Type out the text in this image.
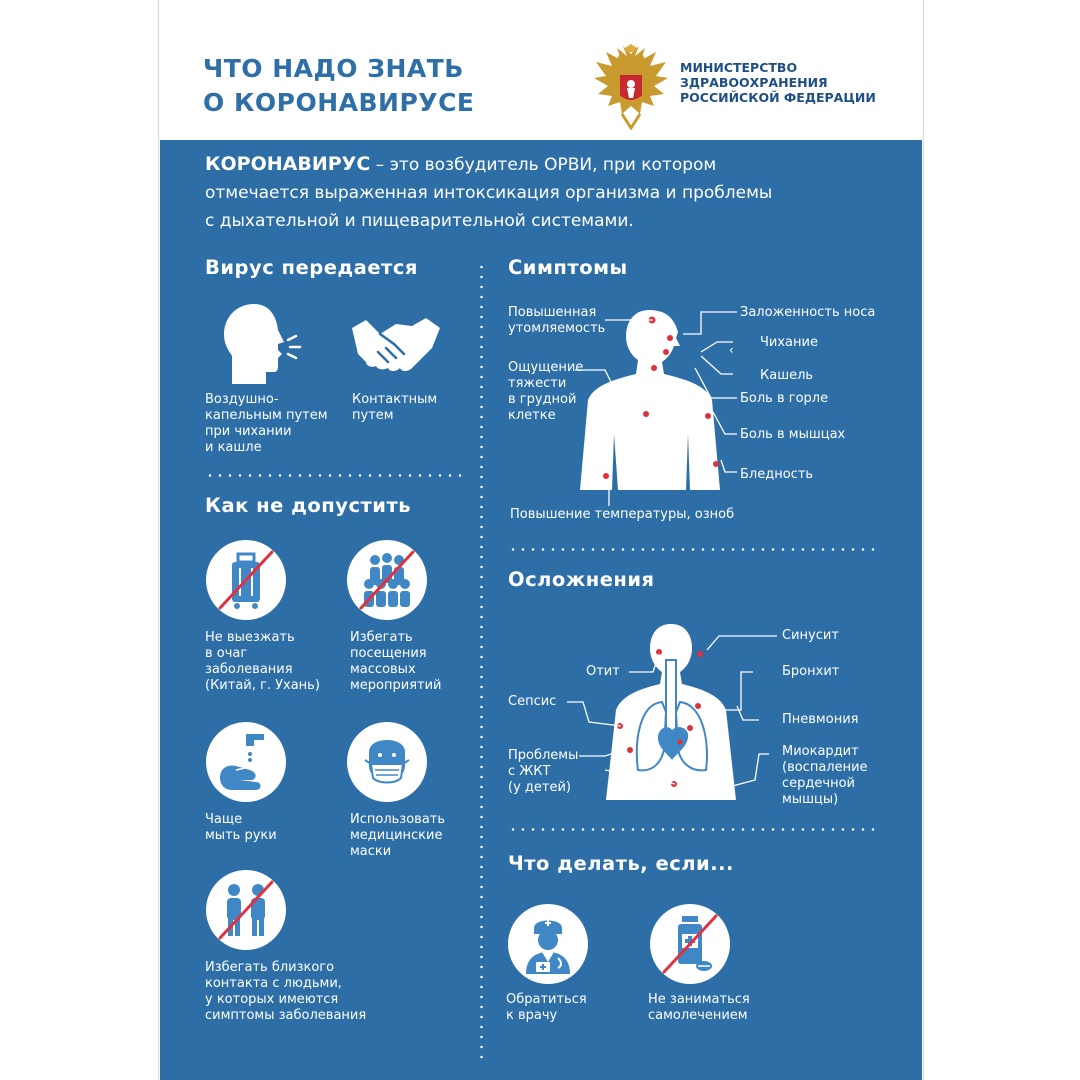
ЧТО НАДО ЗНАТЬ
О КОРОНАВИРУСЕ
МИНИСТЕРСТВО
ЗДРАВООХРАНЕНИЯ
РОССИЙСКОЙ ФЕДЕРАЦИИ
КОРОНАВИРУС – это возбудитель ОРВИ, при котором
отмечается выраженная интоксикация организма и проблемы
с дыхательной и пищеварительной системами.
Вирус передается
Воздушно-
капельным путем
при чихании
и кашле
Контактным
путем
Как не допустить
Не выезжать
в очаг
заболевания
(Китай, г. Ухань)
Избегать
посещения
массовых
мероприятий
Чаще
мыть руки
Использовать
медицинские
маски
Избегать близкого
контакта с людьми,
у которых имеются
симптомы заболевания
Симптомы
‹
Повышенная
утомляемость
Ощущение
тяжести
в грудной
клетке
Заложенность носа
Чихание
Кашель
Боль в горле
Боль в мышцах
Бледность
Повышение температуры, озноб
Осложнения
Синусит
Отит	Бронхит
Сепсис
Пневмония
Проблемы
с ЖКТ
(у детей)
Миокардит
(воспаление
сердечной
мышцы)
Что делать, если...
Обратиться
к врачу
Не заниматься
самолечением
